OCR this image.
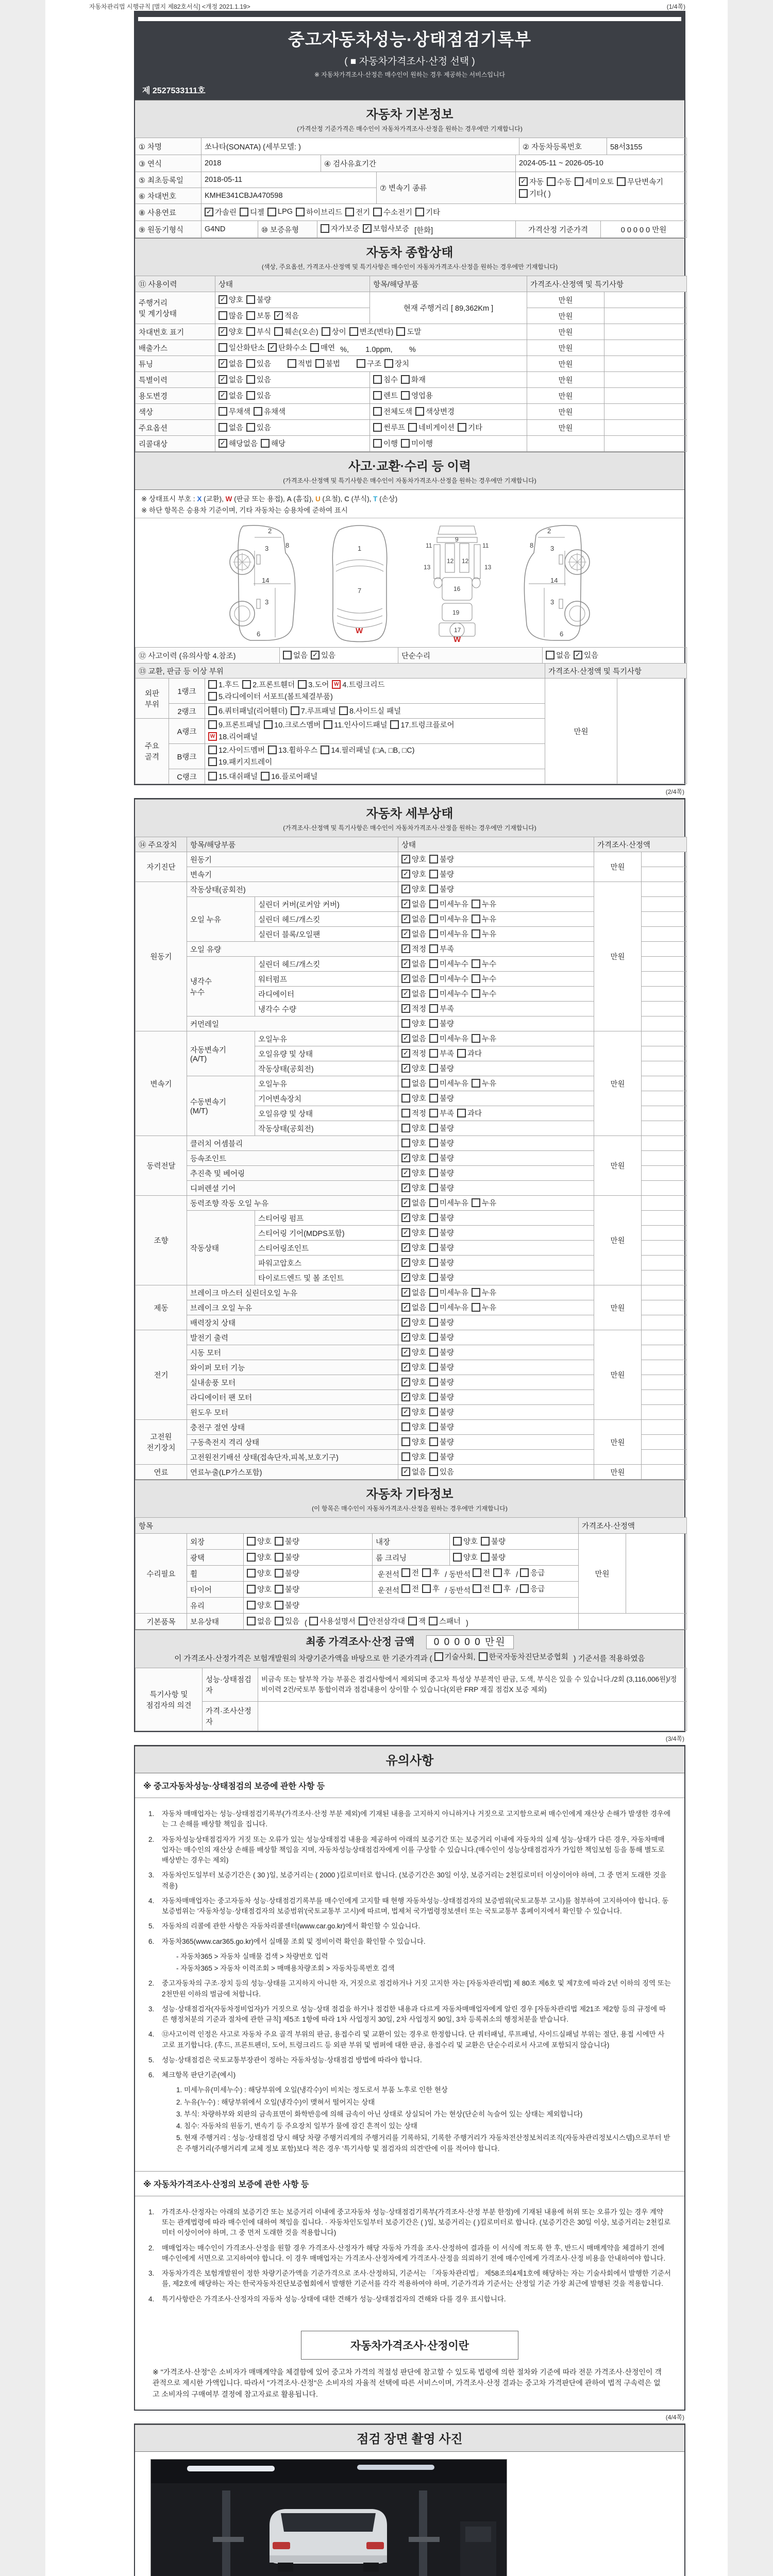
자동차관리법 시행규칙 [별지 제82호서식] <개정 2021.1.19>	(1/4쪽)
중고자동차성능·상태점검기록부
( ■ 자동차가격조사·산정 선택 )
※ 자동차가격조사·산정은 매수인이 원하는 경우 제공하는 서비스입니다
제 2527533111호
자동차 기본정보
(가격산정 기준가격은 매수인이 자동차가격조사·산정을 원하는 경우에만 기재합니다)
① 차명	쏘나타(SONATA) (세부모델: )	② 자동차등록번호	58서3155
③ 연식	2018	④ 검사유효기간	2024-05-11 ~ 2026-05-10
⑤ 최초등록일	2018-05-11	⑦ 변속기 종류	
✓
자동 수동 세미오토 무단변속기
기타( )

⑥ 차대번호	KMHE341CBJA470598		
⑧ 사용연료	
✓가솔린 디젤 LPG 하이브리드 전기 수소전기 기타
⑨ 원동기형식	G4ND	⑩ 보증유형	자가보증 ✓ 보험사보증 [한화]	가격산정 기준가격	0 0 0 0 0 만원
자동차 종합상태
(색상, 주요옵션, 가격조사·산정액 및 특기사항은 매수인이 자동차가격조사·산정을 원하는 경우에만 기재합니다)
⑪ 사용이력	상태	항목/해당부품	가격조사·산정액 및 특기사항	
주행거리
및 계기상태	
✓
양호 불량	현재 주행거리 [ 89,362Km ]	만원	

	많음 보통 ✓ 적음		만원	
차대번호 표기	
✓양호 부식 훼손(오손) 상이 변조(변타) 도말	만원	
배출가스	일산화탄소 ✓ 탄화수소 매연 %,        1.0ppm,        %		만원	
튜닝	
✓없음 있음	적법 불법	구조 장치	만원	
특별이력	
✓없음 있음	침수 화재	만원	
용도변경	
✓없음 있음	렌트 영업용	만원	
색상	무채색 유채색	전체도색 색상변경	만원	
주요옵션	없음 있음	썬루프 네비게이션 기타	만원	
리콜대상	
✓해당없음 해당	이행 미이행		

사고·교환·수리 등 이력
(가격조사·산정액 및 특기사항은 매수인이 자동차가격조사·산정을 원하는 경우에만 기재합니다)
※ 상태표시 부호 : X (교환), W (판금 또는 용접), A (흠집), U (요철), C (부식), T (손상)
※ 하단 항목은 승용차 기준이며, 기타 자동차는 승용차에 준하여 표시
2
3
14
3
8
6
1
7
W
11	11
13	13
12 12
9
16
19
17
W
2
3
14
3
8
6
⑫ 사고이력 (유의사항 4.참조)	없음 ✓ 있음	단순수리	없음 ✓ 있음
⑬ 교환, 판금 등 이상 부위			가격조사·산정액 및 특기사항	
외판
부위	1랭크	
1.후드 2.프론트휀더 3.도어 W 4.트렁크리드
5.라디에이터 서포트(볼트체결부품)
	만원	
	2랭크	6.쿼터패널(리어휀더) 7.루프패널 8.사이드실 패널		

주요
골격	A랭크	
9.프론트패널 10.크로스멤버 11.인사이드패널 17.트렁크플로어
W
18.리어패널

	B랭크	12.사이드멤버 13.휠하우스 14.필러패널 (□A, □B, □C)
19.패키지트레이		

	C랭크	15.대쉬패널 16.플로어패널		
(2/4쪽)
자동차 세부상태
(가격조사·산정액 및 특기사항은 매수인이 자동차가격조사·산정을 원하는 경우에만 기재합니다)
⑭ 주요장치	항목/해당부품		상태	가격조사·산정액	
자기진단	원동기	
✓양호 불량	만원	
	변속기	
✓양호 불량

원동기	작동상태(공회전)	
✓양호 불량	만원	
	오일 누유	실린더 커버(로커암 커버)	
✓없음 미세누유 누유

		실린더 헤드/개스킷	
✓없음 미세누유 누유

		실린더 블록/오일팬	
✓없음 미세누유 누유

	오일 유량	
✓적정 부족

	냉각수
누수	실린더 헤드/개스킷	
✓없음 미세누수 누수

		워터펌프	
✓없음 미세누수 누수

		라디에이터	
✓없음 미세누수 누수

		냉각수 수량	
✓적정 부족

	커먼레일		양호 불량		

변속기	자동변속기
(A/T)	오일누유	
✓없음 미세누유 누유	만원	
		오일유량 및 상태	
✓적정 부족 과다

		작동상태(공회전)	
✓양호 불량

	수동변속기
(M/T)	오일누유	없음 미세누유 누유		

		기어변속장치	양호 불량		

		오일유량 및 상태	적정 부족 과다		

		작동상태(공회전)	양호 불량		

동력전달	클러치 어셈블리		양호 불량	만원	
	등속조인트	
✓양호 불량

	추진축 및 베어링	
✓양호 불량

	디퍼렌셜 기어	
✓양호 불량

조향	동력조향 작동 오일 누유	
✓없음 미세누유 누유	만원	
	작동상태	스티어링 펌프	
✓양호 불량

		스티어링 기어(MDPS포함)	
✓양호 불량

		스티어링조인트	
✓양호 불량

		파워고압호스	
✓양호 불량

		타이로드엔드 및 볼 조인트	
✓양호 불량

제동	브레이크 마스터 실린더오일 누유	
✓없음 미세누유 누유	만원	
	브레이크 오일 누유	
✓없음 미세누유 누유

	배력장치 상태	
✓양호 불량

전기	발전기 출력	
✓양호 불량	만원	
	시동 모터	
✓양호 불량

	와이퍼 모터 기능	
✓양호 불량

	실내송풍 모터	
✓양호 불량

	라디에이터 팬 모터	
✓양호 불량

	윈도우 모터	
✓양호 불량

고전원
전기장치	충전구 절연 상태		양호 불량	만원	
	구동축전지 격리 상태		양호 불량		

	고전원전기배선 상태(접속단자,피복,보호기구)		양호 불량		

연료	연료누출(LP가스포함)	
✓없음 있음	만원	
자동차 기타정보
(이 항목은 매수인이 자동차가격조사·산정을 원하는 경우에만 기재합니다)
항목					가격조사·산정액	
수리필요	외장	양호 불량	내장	양호 불량	만원	
	광택	양호 불량	룸 크리닝	양호 불량		

휠	양호 불량	운전석 전 후 / 동반석 전 후 / 응급

타이어	양호 불량	운전석 전 후 / 동반석 전 후 / 응급

	유리	양호 불량				

기본품목	보유상태	없음 있음 ( 사용설명서 안전삼각대 잭 스패너 )	
최종 가격조사·산정 금액 0 0 0 0 0 만원
이 가격조사·산정가격은 보험개발원의 차량기준가액을 바탕으로 한 기준가격과 ( 기술사회, 한국자동차진단보증협회 ) 기준서를 적용하였음
특기사항 및
점검자의 의견	성능·상태점검
자	비금속 또는 탈부착 가능 부품은 점검사항에서 제외되며 중고차 특성상 부분적인 판금, 도색, 부식은 있을 수 있습니다./2회 (3,116,006원)/정비이력 2건/국토부 통합이력과 점검내용이 상이할 수 있습니다(외판 FRP 재질 점검X 보증 제외)
	가격·조사산정
자	
(3/4쪽)
유의사항
※ 중고자동차성능·상태점검의 보증에 관한 사항 등
1.	자동차 매매업자는 성능·상태점검기록부(가격조사·산정 부분 제외)에 기재된 내용을 고지하지 아니하거나 거짓으로 고지함으로써 매수인에게 재산상 손해가 발생한 경우에는 그 손해를 배상할 책임을 집니다.
2.	자동차성능상태점검자가 거짓 또는 오류가 있는 성능상태점검 내용을 제공하여 아래의 보증기간 또는 보증거리 이내에 자동차의 실제 성능·상태가 다른 경우, 자동차매매업자는 매수인의 재산상 손해를 배상할 책임을 지며, 자동차성능상태점검자에게 이를 구상할 수 있습니다.(매수인이 성능상태점검자가 가입한 책임보험 등을 통해 별도로 배상받는 경우는 제외)
3.	자동차인도일부터 보증기간은 ( 30 )일, 보증거리는 ( 2000 )킬로미터로 합니다. (보증기간은 30일 이상, 보증거리는 2천킬로미터 이상이어야 하며, 그 중 먼저 도래한 것을 적용)
4.	자동차매매업자는 중고자동차 성능·상태점검기록부를 매수인에게 고지할 때 현행 자동차성능·상태점검자의 보증범위(국토교통부 고시)를 첨부하여 고지하여야 합니다. 동 보증범위는 '자동차성능·상태점검자의 보증범위'(국토교통부 고시)에 따르며, 법제처 국가법령정보센터 또는 국토교통부 홈페이지에서 확인할 수 있습니다.
5.	자동차의 리콜에 관한 사항은 자동차리콜센터(www.car.go.kr)에서 확인할 수 있습니다.
6.	자동차365(www.car365.go.kr)에서 실매물 조회 및 정비이력 확인을 확인할 수 있습니다.
- 자동차365 > 자동차 실매물 검색 > 차량번호 입력
- 자동차365 > 자동차 이력조회 > 매매용차량조회 > 자동차등록번호 검색
2.	중고자동차의 구조·장치 등의 성능·상태를 고지하지 아니한 자, 거짓으로 점검하거나 거짓 고지한 자는 [자동차관리법] 제 80조 제6호 및 제7호에 따라 2년 이하의 징역 또는 2천만원 이하의 벌금에 처합니다.
3.	성능·상태점검자(자동차정비업자)가 거짓으로 성능·상태 점검을 하거나 점검한 내용과 다르게 자동차매매업자에게 알린 경우 [자동차관리법 제21조 제2항 등의 규정에 따른 행정처분의 기준과 절차에 관한 규칙] 제5조 1항에 따라 1차 사업정지 30일, 2차 사업정지 90일, 3차 등록취소의 행정처분을 받습니다.
4.	⑫사고이력 인정은 사고로 자동차 주요 골격 부위의 판금, 용접수리 및 교환이 있는 경우로 한정합니다. 단 쿼터패널, 루프패널, 사이드실패널 부위는 절단, 용접 시에만 사고로 표기합니다. (후드, 프론트펜더, 도어, 트렁크리드 등 외판 부위 및 범퍼에 대한 판금, 용접수리 및 교환은 단순수리로서 사고에 포함되지 않습니다)
5.	성능·상태점검은 국토교통부장관이 정하는 자동차성능·상태점검 방법에 따라야 합니다.
6.	체크항목 판단기준(예시)
1. 미세누유(미세누수) : 해당부위에 오일(냉각수)이 비치는 정도로서 부품 노후로 인한 현상
2. 누유(누수) : 해당부위에서 오일(냉각수)이 맺혀서 떨어지는 상태
3. 부식: 차량하부와 외판의 금속표면이 화학반응에 의해 금속이 아닌 상태로 상실되어 가는 현상(단순히 녹슬어 있는 상태는 제외합니다)
4. 침수: 자동차의 원동기, 변속기 등 주요장치 일부가 물에 잠긴 흔적이 있는 상태
5. 현재 주행거리 : 성능·상태점검 당시 해당 차량 주행거리계의 주행거리를 기록하되, 기록한 주행거리가 자동차전산정보처리조직(자동차관리정보시스템)으로부터 받은 주행거리(주행거리계 교체 정보 포함)보다 적은 경우 '특기사항 및 점검자의 의견'란에 이를 적어야 합니다.
※ 자동차가격조사·산정의 보증에 관한 사항 등
1.	가격조사·산정자는 아래의 보증기간 또는 보증거리 이내에 중고자동차 성능·상태점검기록부(가격조사·산정 부분 한정)에 기재된 내용에 허위 또는 오류가 있는 경우 계약 또는 관계법령에 따라 매수인에 대하여 책임을 집니다. · 자동차인도일부터 보증기간은 ( )일, 보증거리는 ( )킬로미터로 합니다. (보증기간은 30일 이상, 보증거리는 2천킬로미터 이상이어야 하며, 그 중 먼저 도래한 것을 적용합니다)
2.	매매업자는 매수인이 가격조사·산정을 원할 경우 가격조사·산정자가 해당 자동차 가격을 조사·산정하여 결과를 이 서식에 적도록 한 후, 반드시 매매계약을 체결하기 전에 매수인에게 서면으로 고지하여야 합니다. 이 경우 매매업자는 가격조사·산정자에게 가격조사·산정을 의뢰하기 전에 매수인에게 가격조사·산정 비용을 안내하여야 합니다.
3.	자동차가격은 보험개발원이 정한 차량기준가액을 기준가격으로 조사·산정하되, 기준서는 「자동차관리법」 제58조의4제1호에 해당하는 자는 기술사회에서 발행한 기준서를, 제2호에 해당하는 자는 한국자동차진단보증협회에서 발행한 기준서를 각각 적용하여야 하며, 기준가격과 기준서는 산정일 기준 가장 최근에 발행된 것을 적용합니다.
4.	특기사항란은 가격조사·산정자의 자동차 성능·상태에 대한 견해가 성능·상태점검자의 견해와 다를 경우 표시합니다.
자동차가격조사·산정이란
※ "가격조사·산정"은 소비자가 매매계약을 체결함에 있어 중고차 가격의 적절성 판단에 참고할 수 있도록 법령에 의한 절차와 기준에 따라 전문 가격조사·산정인이 객관적으로 제시한 가액입니다. 따라서 "가격조사·산정"은 소비자의 자율적 선택에 따른 서비스이며, 가격조사·산정 결과는 중고차 가격판단에 관하여 법적 구속력은 없고 소비자의 구매여부 결정에 참고자료로 활용됩니다.
(4/4쪽)
점검 장면 촬영 사진
